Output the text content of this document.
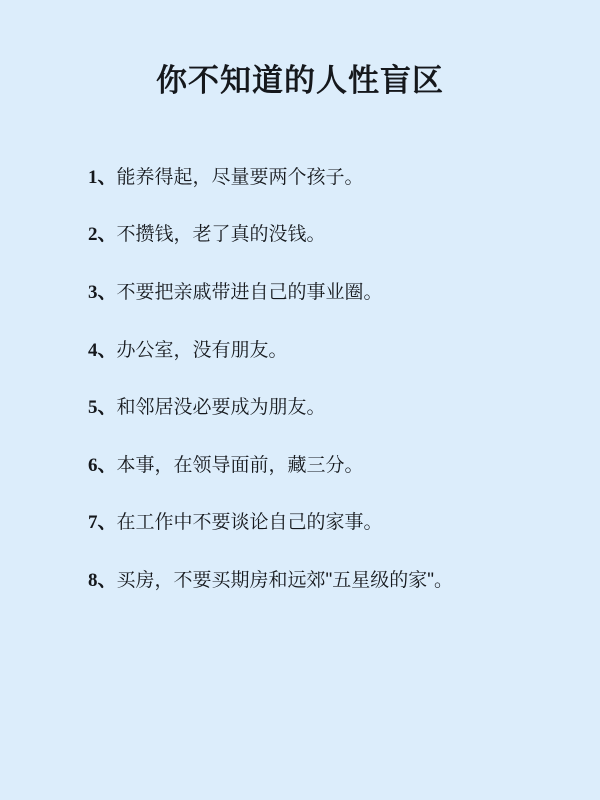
你不知道的人性盲区
1、能养得起，尽量要两个孩子。
2、不攒钱，老了真的没钱。
3、不要把亲戚带进自己的事业圈。
4、办公室，没有朋友。
5、和邻居没必要成为朋友。
6、本事，在领导面前，藏三分。
7、在工作中不要谈论自己的家事。
8、买房，不要买期房和远郊"五星级的家"。
